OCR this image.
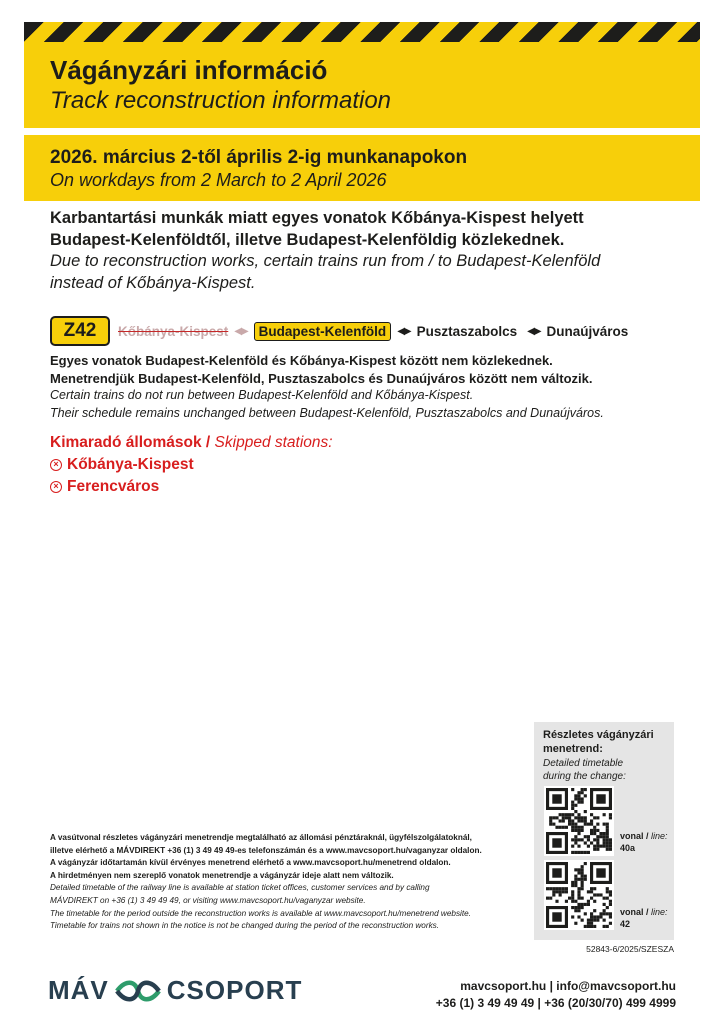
Vágányzári információ
Track reconstruction information
2026. március 2-től április 2-ig munkanapokon
On workdays from 2 March to 2 April 2026
Karbantartási munkák miatt egyes vonatok Kőbánya-Kispest helyett
Budapest-Kelenföldtől, illetve Budapest-Kelenföldig közlekednek.
Due to reconstruction works, certain trains run from / to Budapest-Kelenföld
instead of Kőbánya-Kispest.
Z42	Kőbánya-Kispest ◀▶ Budapest-Kelenföld	◀▶ Pusztaszabolcs ◀▶ Dunaújváros
Egyes vonatok Budapest-Kelenföld és Kőbánya-Kispest között nem közlekednek.
Menetrendjük Budapest-Kelenföld, Pusztaszabolcs és Dunaújváros között nem változik.
Certain trains do not run between Budapest-Kelenföld and Kőbánya-Kispest.
Their schedule remains unchanged between Budapest-Kelenföld, Pusztaszabolcs and Dunaújváros.
Kimaradó állomások / Skipped stations:
× Kőbánya-Kispest
× Ferencváros
A vasútvonal részletes vágányzári menetrendje megtalálható az állomási pénztáraknál, ügyfélszolgálatoknál,
illetve elérhető a MÁVDIREKT +36 (1) 3 49 49 49-es telefonszámán és a www.mavcsoport.hu/vaganyzar oldalon.
A vágányzár időtartamán kívül érvényes menetrend elérhető a www.mavcsoport.hu/menetrend oldalon.
A hirdetményen nem szereplő vonatok menetrendje a vágányzár ideje alatt nem változik.
Detailed timetable of the railway line is available at station ticket offices, customer services and by calling
MÁVDIREKT on +36 (1) 3 49 49 49, or visiting www.mavcsoport.hu/vaganyzar website.
The timetable for the period outside the reconstruction works is available at www.mavcsoport.hu/menetrend website.
Timetable for trains not shown in the notice is not be changed during the period of the reconstruction works.
Részletes vágányzári
menetrend:
Detailed timetable
during the change:
vonal / line:
40a
vonal / line:
42
52843-6/2025/SZESZA
MÁV CSOPORT	mavcsoport.hu | info@mavcsoport.hu
+36 (1) 3 49 49 49 | +36 (20/30/70) 499 4999
